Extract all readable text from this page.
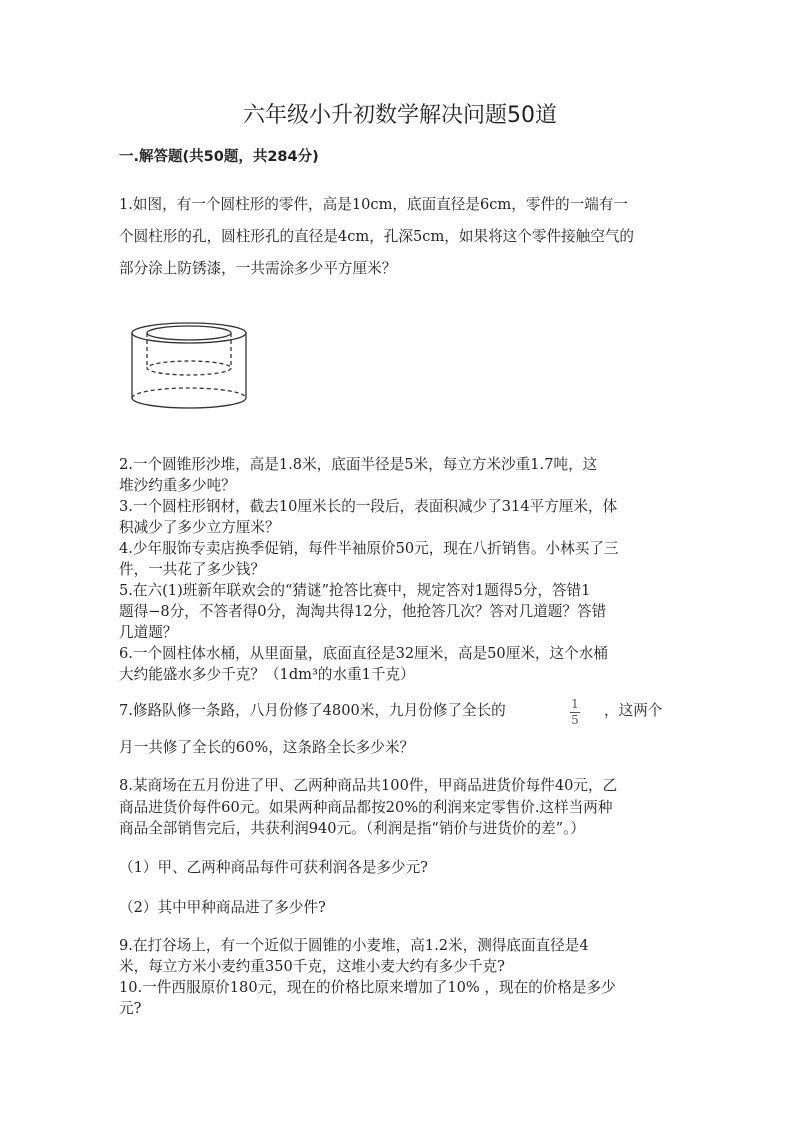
六年级小升初数学解决问题50道
一.解答题(共50题，共284分)
1.如图，有一个圆柱形的零件，高是10cm，底面直径是6cm，零件的一端有一
个圆柱形的孔，圆柱形孔的直径是4cm，孔深5cm，如果将这个零件接触空气的
部分涂上防锈漆，一共需涂多少平方厘米？
2.一个圆锥形沙堆，高是1.8米，底面半径是5米，每立方米沙重1.7吨，这
堆沙约重多少吨？
3.一个圆柱形钢材，截去10厘米长的一段后，表面积减少了314平方厘米，体
积减少了多少立方厘米？
4.少年服饰专卖店换季促销，每件半袖原价50元，现在八折销售。小林买了三
件，一共花了多少钱？
5.在六(1)班新年联欢会的“猜谜”抢答比赛中，规定答对1题得5分，答错1
题得−8分，不答者得0分，淘淘共得12分，他抢答几次？答对几道题？答错
几道题？
6.一个圆柱体水桶，从里面量，底面直径是32厘米，高是50厘米，这个水桶
大约能盛水多少千克？（1dm³的水重1千克）
7.修路队修一条路，八月份修了4800米，九月份修了全长的	1
5
，这两个
月一共修了全长的60%，这条路全长多少米？
8.某商场在五月份进了甲、乙两种商品共100件，甲商品进货价每件40元，乙
商品进货价每件60元。如果两种商品都按20%的利润来定零售价.这样当两种
商品全部销售完后，共获利润940元。（利润是指“销价与进货价的差”。）
（1）甲、乙两种商品每件可获利润各是多少元?
（2）其中甲种商品进了多少件?
9.在打谷场上，有一个近似于圆锥的小麦堆，高1.2米，测得底面直径是4
米，每立方米小麦约重350千克，这堆小麦大约有多少千克?
10.一件西服原价180元，现在的价格比原来增加了10% ，现在的价格是多少
元?
